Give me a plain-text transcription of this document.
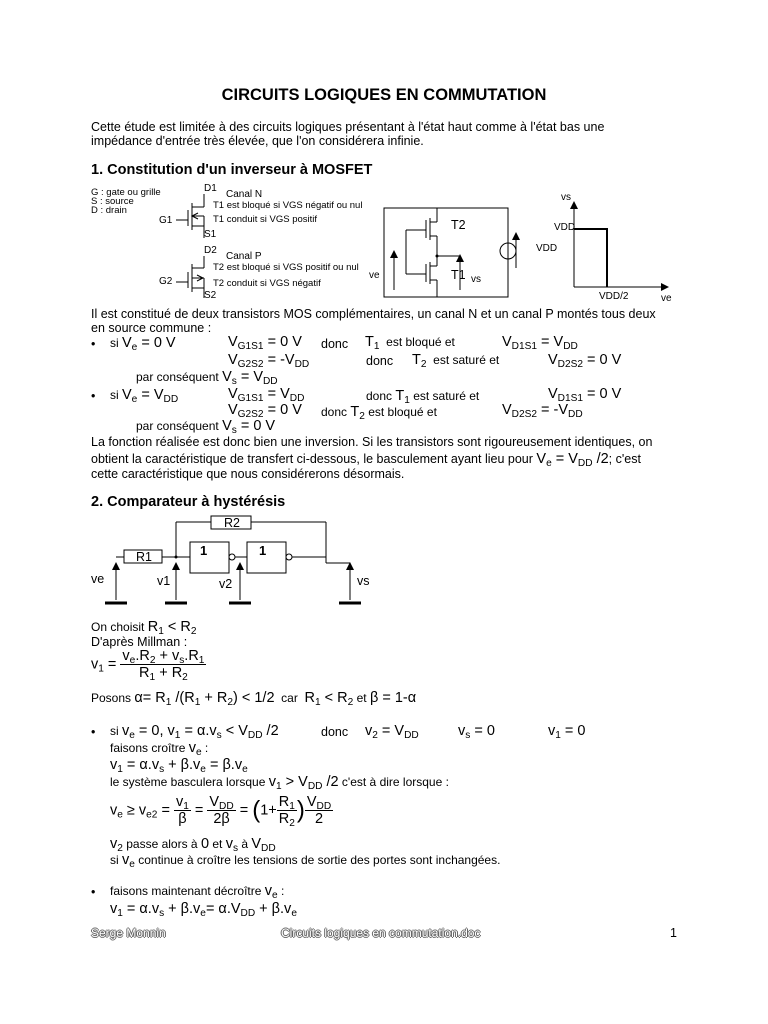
CIRCUITS LOGIQUES EN COMMUTATION
Cette étude est limitée à des circuits logiques présentant à l'état haut comme à l'état bas une
impédance d'entrée très élevée, que l'on considérera infinie.
1. Constitution d'un inverseur à MOSFET
G : gate ou grille
S : source
D : drain
D1
G1
S1
Canal N
T1 est bloqué si VGS négatif ou nul
T1 conduit si VGS positif
D2
G2
S2
Canal P
T2 est bloqué si VGS positif ou nul
T2 conduit si VGS négatif
T2
T1
ve	vs
VDD
vs
VDD
VDD/2	ve
Il est constitué de deux transistors MOS complémentaires, un canal N et un canal P montés tous deux
en source commune :
• si $V_e = 0$ V	$V_{G1S1} = 0$ V donc $T_1$  est bloqué et	$V_{D1S1} = V_{DD}$
$V_{G2S2} = -V_{DD}$	donc $T_2$  est saturé et	$V_{D2S2} = 0$ V
par conséquent $V_s = V_{DD}$
• si $V_e = V_{DD}$	$V_{G1S1} = V_{DD}$	donc $T_1$ est saturé et	$V_{D1S1} = 0$ V
$V_{G2S2} = 0$ V donc $T_2$ est bloqué et	$V_{D2S2} = -V_{DD}$
par conséquent $V_s = 0$ V
La fonction réalisée est donc bien une inversion. Si les transistors sont rigoureusement identiques, on
obtient la caractéristique de transfert ci-dessous, le basculement ayant lieu pour $V_e = V_{DD}$ /2; c'est
cette caractéristique que nous considérerons désormais.
2. Comparateur à hystérésis
R2
R1	1	1
ve	v1	v2	vs
On choisit $R_1 < R_2$
D'après Millman :
$v_1 = \frac{v_e.R_2 + v_s.R_1}{R_1 + R_2}$
Posons $\alpha= R_1$ $/(R_1 + R_2) < 1/2$  car  $R_1 < R_2$ et β = 1-α
• si $v_e = 0$, $v_1 = \alpha.v_s < V_{DD}$ /2	donc $v_2 = V_{DD}$	$v_s = 0$	$v_1 = 0$
faisons croître $v_e$ :
$v_1 = \alpha.v_s + \beta.v_e = \beta.v_e$
le système basculera lorsque $v_1 > V_{DD}$ /2 c'est à dire lorsque :
$v_e \ge v_{e2} = \frac{v_1}{\beta} = \frac{V_{DD}}{2\beta} = (1+ \frac{R_1}{R_2}$ ) $\frac{V_{DD}}{2}$
$v_2$ passe alors à 0 et $v_s$ à $V_{DD}$
si $v_e$ continue à croître les tensions de sortie des portes sont inchangées.
• faisons maintenant décroître $v_e$ :
$v_1 = \alpha.v_s + \beta.v_e= \alpha.V_{DD} + \beta.v_e$
Serge Monnin	Circuits logiques en commutation.doc	1
